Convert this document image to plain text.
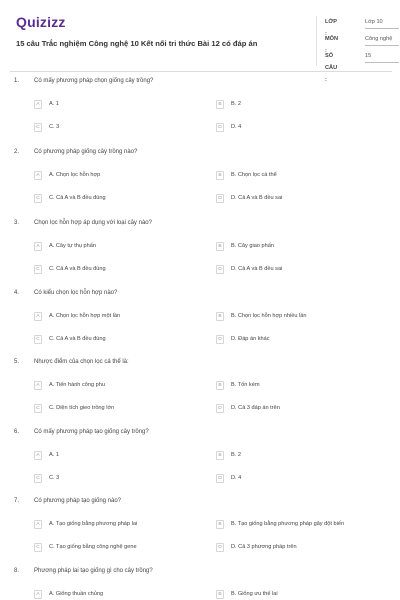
Quizizz
15 câu Trắc nghiệm Công nghệ 10 Kết nối tri thức Bài 12 có đáp án
LỚP :
Lớp 10
MÔN :
Công nghệ
SỐ CÂU :
15
1. Có mấy phương pháp chọn giống cây trồng?
A	A. 1	B	B. 2
C	C. 3	D	D. 4
2. Có phương pháp giống cây trồng nào?
A	A. Chọn lọc hỗn hợp	B	B. Chọn lọc cá thể
C	C. Cả A và B đều đúng	D	D. Cả A và B đều sai
3. Chọn lọc hỗn hợp áp dụng với loại cây nào?
A	A. Cây tự thụ phấn	B	B. Cây giao phấn
C	C. Cả A và B đều đúng	D	D. Cả A và B đều sai
4. Có kiểu chọn lọc hỗn hợp nào?
A	A. Chọn lọc hỗn hợp một lần	B	B. Chọn lọc hỗn hợp nhiều lần
C	C. Cả A và B đều đúng	D	D. Đáp án khác
5. Nhược điểm của chọn lọc cá thể là:
A	A. Tiến hành công phu	B	B. Tốn kém
C	C. Diện tích gieo trồng lớn	D	D. Cả 3 đáp án trên
6. Có mấy phương pháp tạo giống cây trồng?
A	A. 1	B	B. 2
C	C. 3	D	D. 4
7. Có phương pháp tạo giống nào?
A	A. Tạo giống bằng phương pháp lai	B	B. Tạo giống bằng phương pháp gây đột biến
C	C. Tạo giống bằng công nghệ gene	D	D. Cả 3 phương pháp trên
8. Phương pháp lai tạo giống gì cho cây trồng?
A	A. Giống thuần chủng	B	B. Giống ưu thế lai
